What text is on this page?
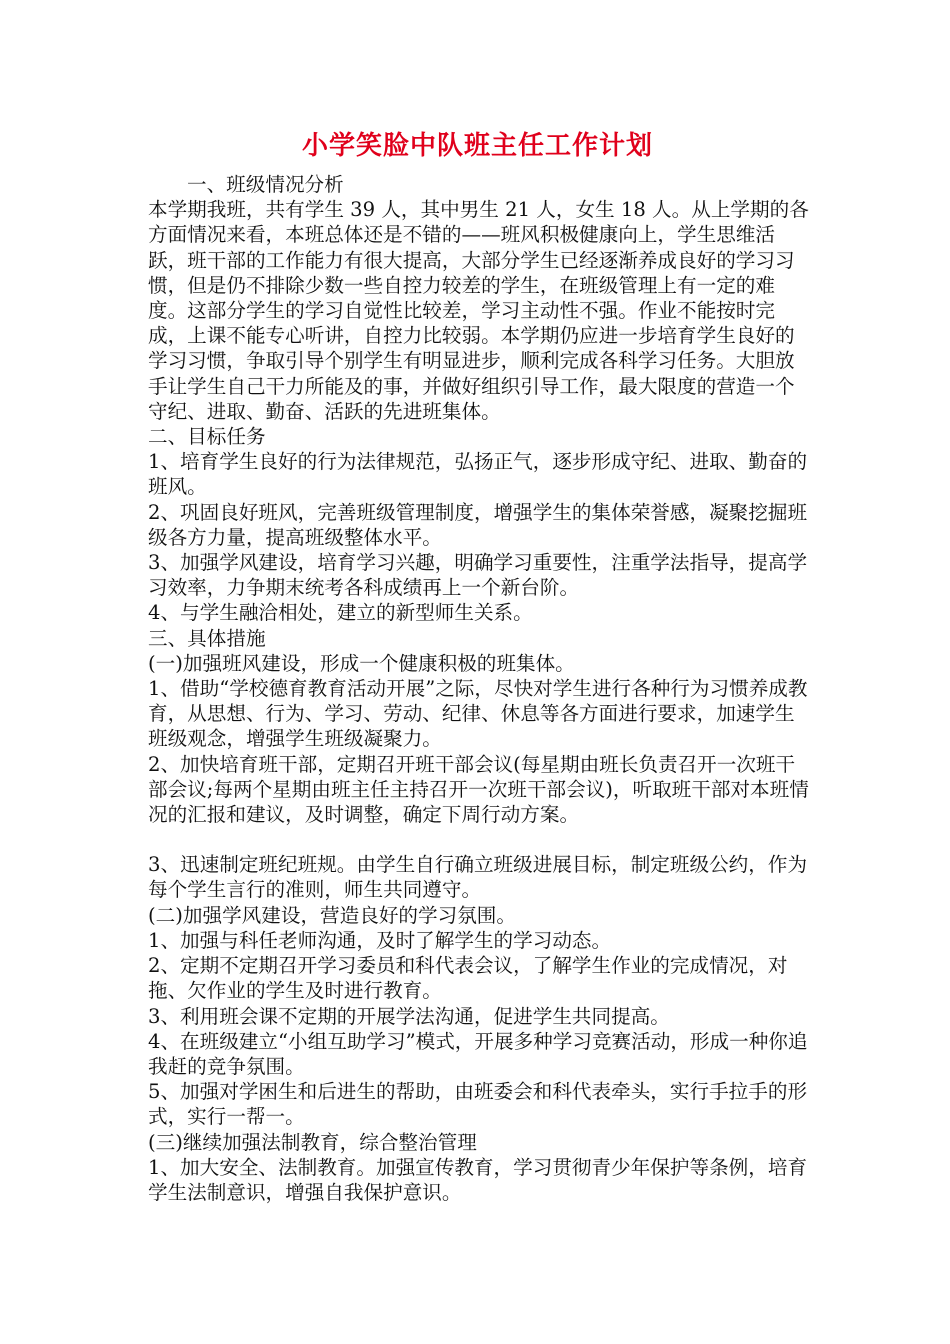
小学笑脸中队班主任工作计划

一、班级情况分析

本学期我班，共有学生 39 人，其中男生 21 人，女生 18 人。从上学期的各方面情况来看，本班总体还是不错的——班风积极健康向上，学生思维活跃，班干部的工作能力有很大提高，大部分学生已经逐渐养成良好的学习习惯，但是仍不排除少数一些自控力较差的学生，在班级管理上有一定的难度。这部分学生的学习自觉性比较差，学习主动性不强。作业不能按时完成，上课不能专心听讲，自控力比较弱。本学期仍应进一步培育学生良好的学习习惯，争取引导个别学生有明显进步，顺利完成各科学习任务。大胆放手让学生自己干力所能及的事，并做好组织引导工作，最大限度的营造一个守纪、进取、勤奋、活跃的先进班集体。

二、目标任务

1、培育学生良好的行为法律规范，弘扬正气，逐步形成守纪、进取、勤奋的班风。

2、巩固良好班风，完善班级管理制度，增强学生的集体荣誉感，凝聚挖掘班级各方力量，提高班级整体水平。

3、加强学风建设，培育学习兴趣，明确学习重要性，注重学法指导，提高学习效率，力争期末统考各科成绩再上一个新台阶。

4、与学生融洽相处，建立的新型师生关系。

三、具体措施

(一)加强班风建设，形成一个健康积极的班集体。

1、借助“学校德育教育活动开展”之际，尽快对学生进行各种行为习惯养成教育，从思想、行为、学习、劳动、纪律、休息等各方面进行要求，加速学生班级观念，增强学生班级凝聚力。

2、加快培育班干部，定期召开班干部会议(每星期由班长负责召开一次班干部会议;每两个星期由班主任主持召开一次班干部会议)，听取班干部对本班情况的汇报和建议，及时调整，确定下周行动方案。

3、迅速制定班纪班规。由学生自行确立班级进展目标，制定班级公约，作为每个学生言行的准则，师生共同遵守。

(二)加强学风建设，营造良好的学习氛围。

1、加强与科任老师沟通，及时了解学生的学习动态。

2、定期不定期召开学习委员和科代表会议，了解学生作业的完成情况，对拖、欠作业的学生及时进行教育。

3、利用班会课不定期的开展学法沟通，促进学生共同提高。

4、在班级建立“小组互助学习”模式，开展多种学习竞赛活动，形成一种你追我赶的竞争氛围。

5、加强对学困生和后进生的帮助，由班委会和科代表牵头，实行手拉手的形式，实行一帮一。

(三)继续加强法制教育，综合整治管理

1、加大安全、法制教育。加强宣传教育，学习贯彻青少年保护等条例，培育学生法制意识，增强自我保护意识。
